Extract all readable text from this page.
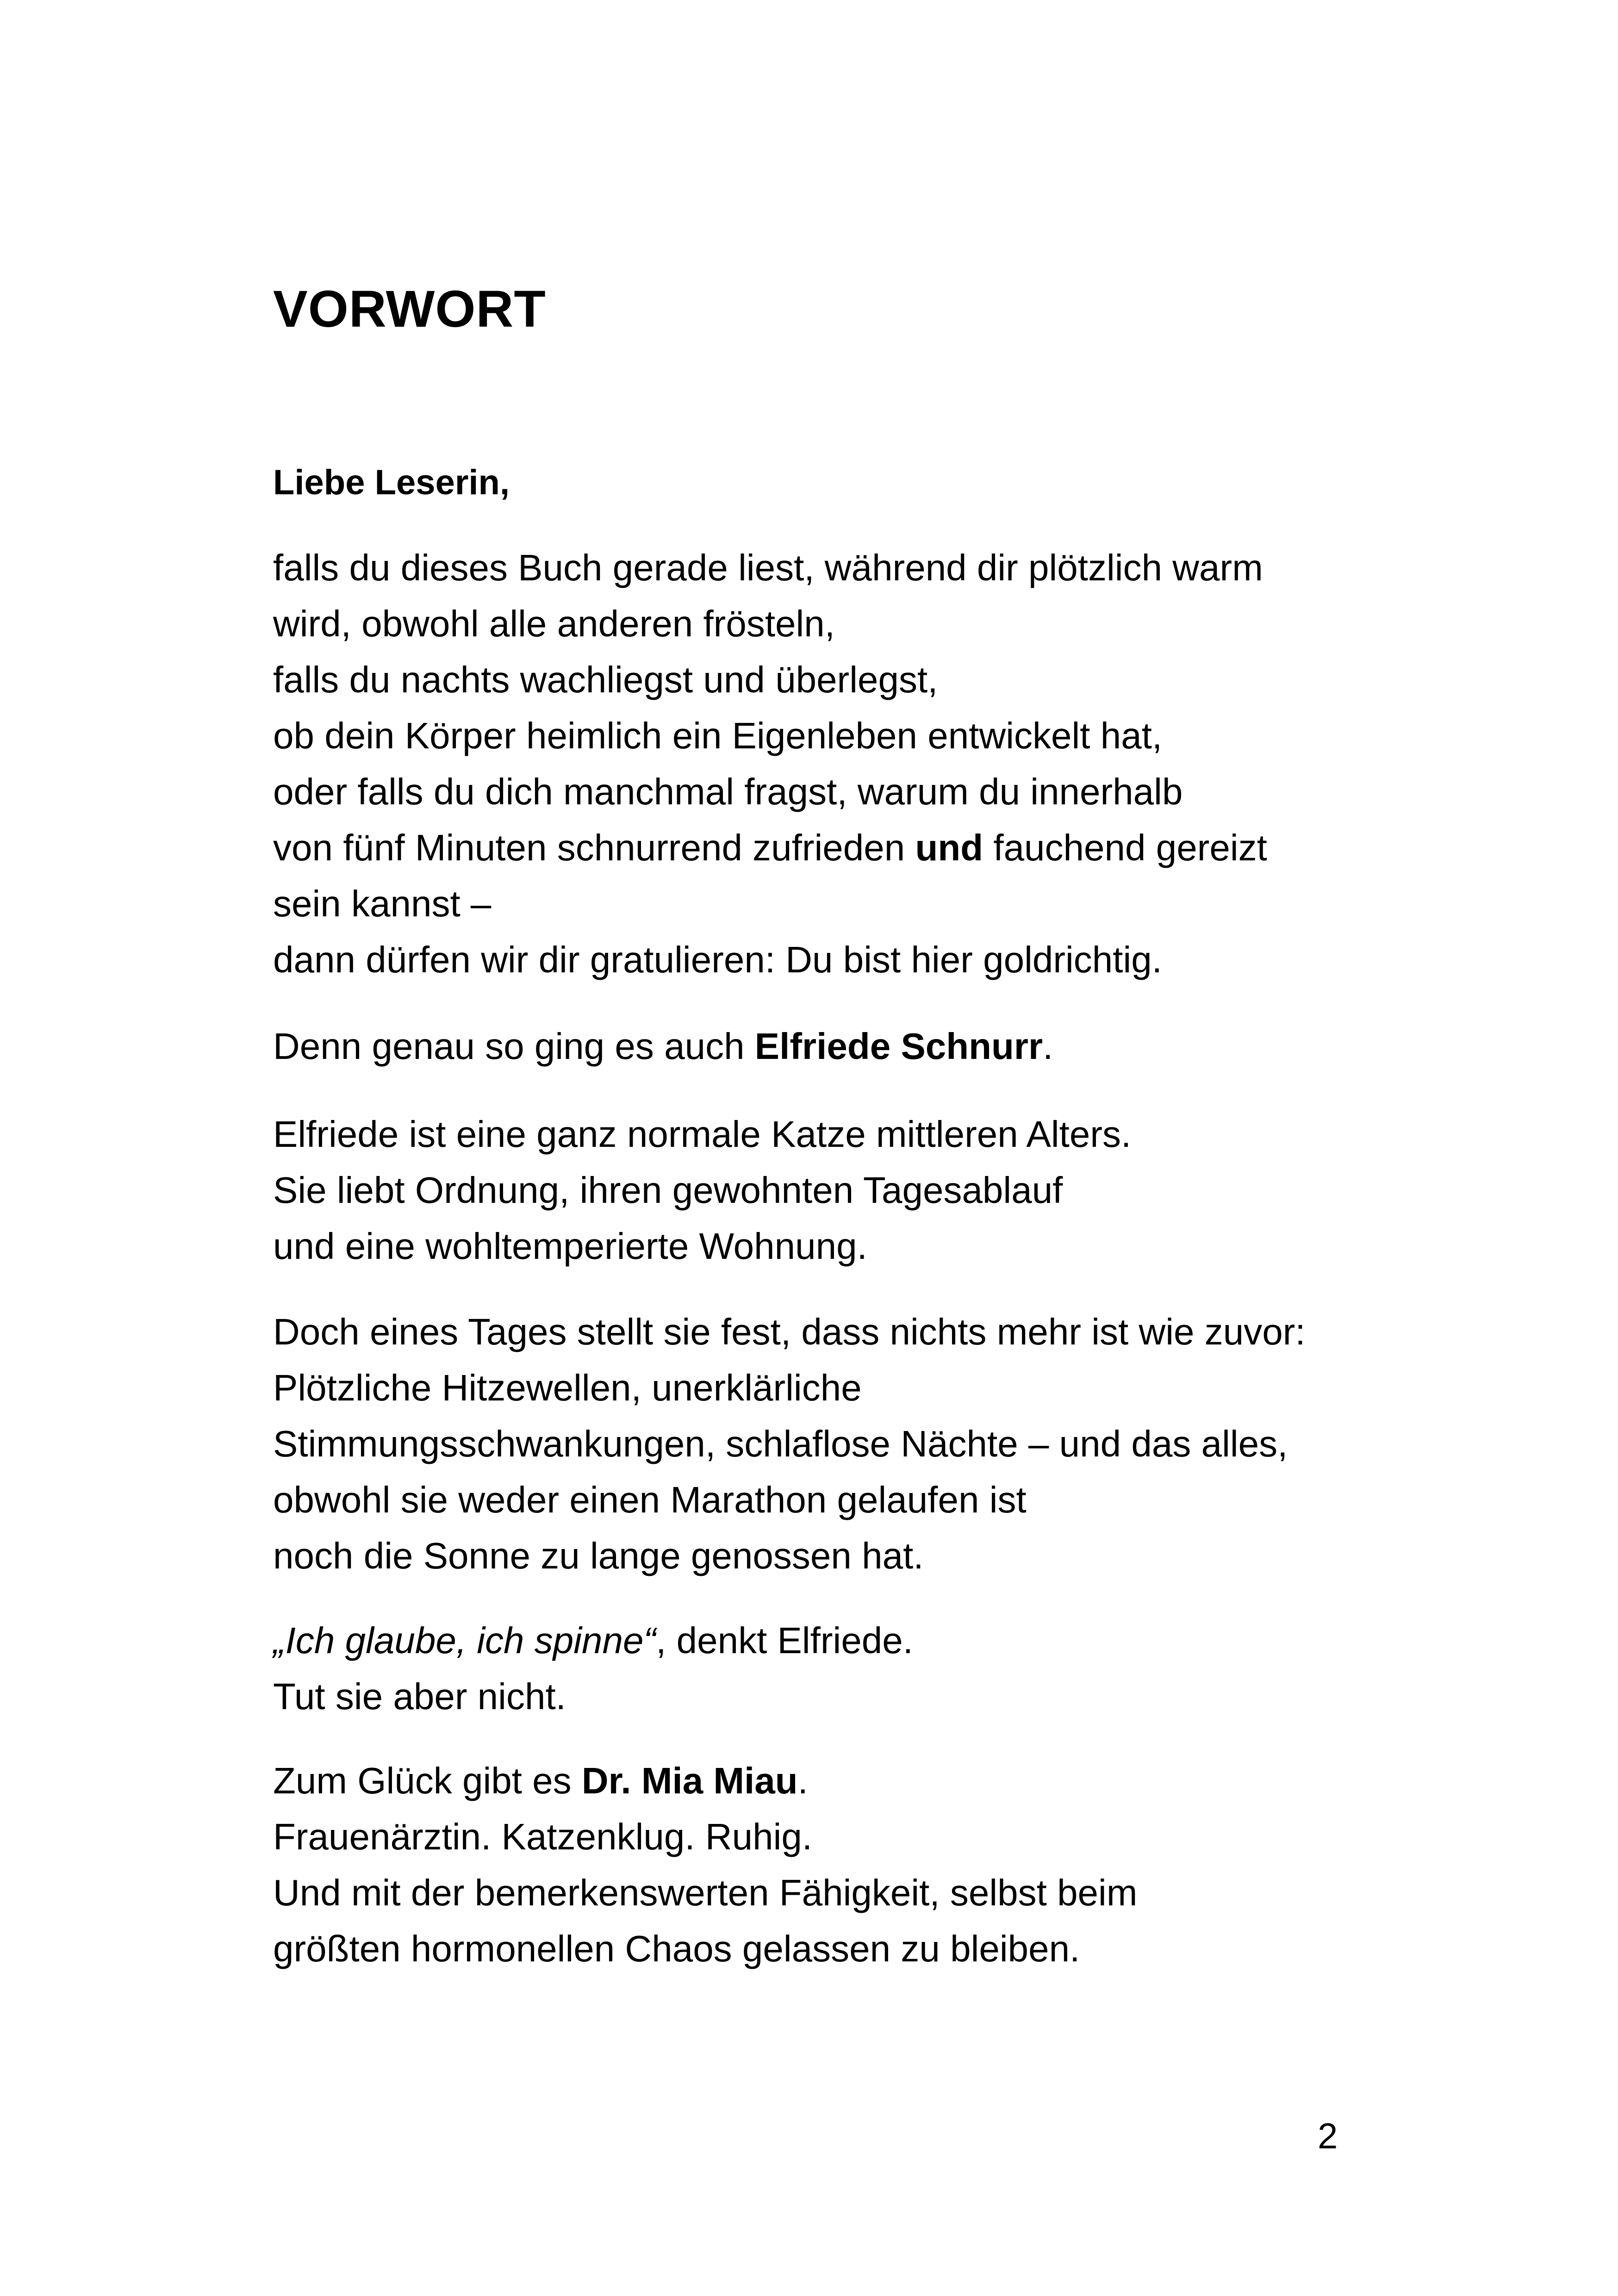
VORWORT

Liebe Leserin,

falls du dieses Buch gerade liest, während dir plötzlich warm
wird, obwohl alle anderen frösteln,
falls du nachts wachliegst und überlegst,
ob dein Körper heimlich ein Eigenleben entwickelt hat,
oder falls du dich manchmal fragst, warum du innerhalb
von fünf Minuten schnurrend zufrieden und fauchend gereizt
sein kannst –
dann dürfen wir dir gratulieren: Du bist hier goldrichtig.

Denn genau so ging es auch Elfriede Schnurr.

Elfriede ist eine ganz normale Katze mittleren Alters.
Sie liebt Ordnung, ihren gewohnten Tagesablauf
und eine wohltemperierte Wohnung.

Doch eines Tages stellt sie fest, dass nichts mehr ist wie zuvor:
Plötzliche Hitzewellen, unerklärliche
Stimmungsschwankungen, schlaflose Nächte – und das alles,
obwohl sie weder einen Marathon gelaufen ist
noch die Sonne zu lange genossen hat.

„Ich glaube, ich spinne“, denkt Elfriede.
Tut sie aber nicht.

Zum Glück gibt es Dr. Mia Miau.
Frauenärztin. Katzenklug. Ruhig.
Und mit der bemerkenswerten Fähigkeit, selbst beim
größten hormonellen Chaos gelassen zu bleiben.

2
